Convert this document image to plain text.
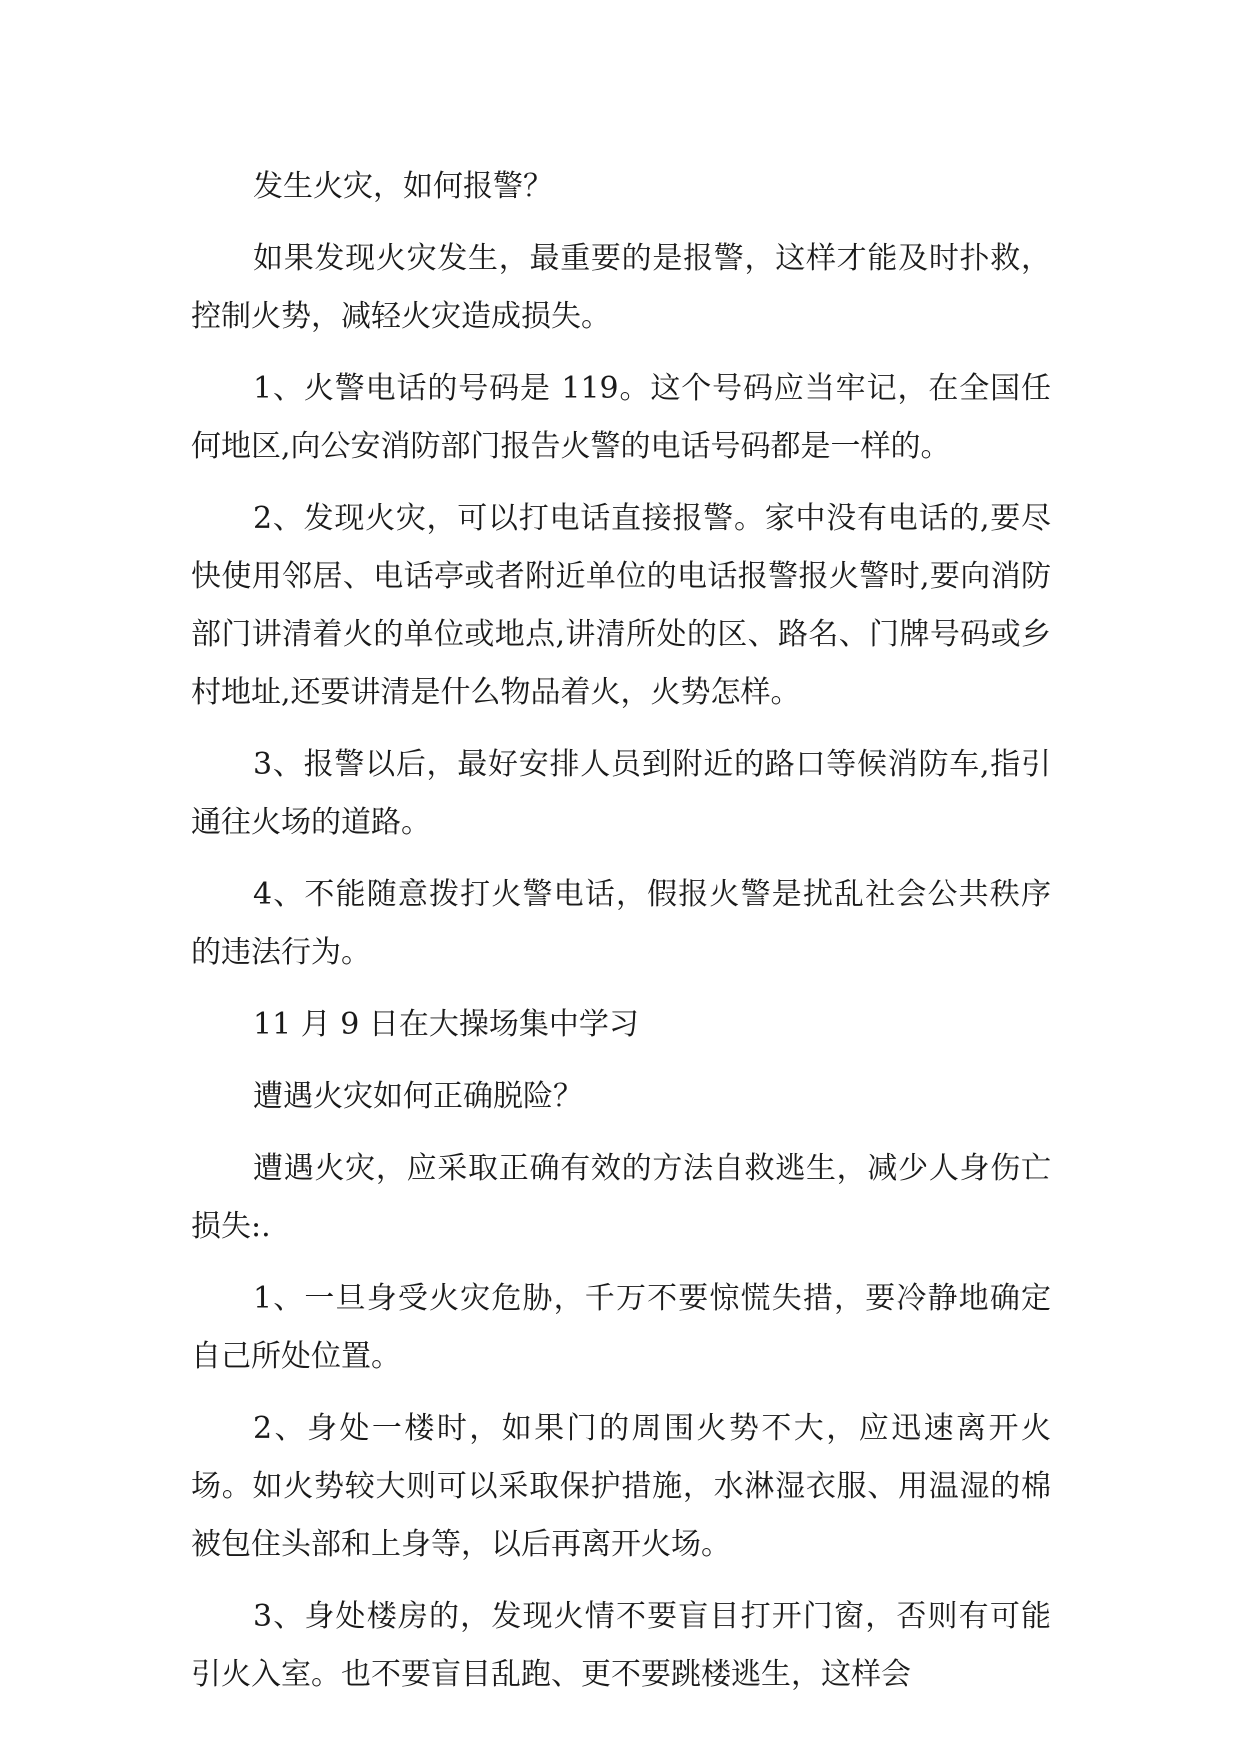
发生火灾，如何报警？

如果发现火灾发生，最重要的是报警，这样才能及时扑救，控制火势，减轻火灾造成损失。

1、火警电话的号码是 119。这个号码应当牢记，在全国任何地区,向公安消防部门报告火警的电话号码都是一样的。

2、发现火灾，可以打电话直接报警。家中没有电话的,要尽快使用邻居、电话亭或者附近单位的电话报警报火警时,要向消防部门讲清着火的单位或地点,讲清所处的区、路名、门牌号码或乡村地址,还要讲清是什么物品着火，火势怎样。

3、报警以后，最好安排人员到附近的路口等候消防车,指引通往火场的道路。

4、不能随意拨打火警电话，假报火警是扰乱社会公共秩序的违法行为。

11 月 9 日在大操场集中学习

遭遇火灾如何正确脱险？

遭遇火灾，应采取正确有效的方法自救逃生，减少人身伤亡损失:.

1、一旦身受火灾危胁，千万不要惊慌失措，要冷静地确定自己所处位置。

2、身处一楼时，如果门的周围火势不大，应迅速离开火场。如火势较大则可以采取保护措施，水淋湿衣服、用温湿的棉被包住头部和上身等，以后再离开火场。

3、身处楼房的，发现火情不要盲目打开门窗，否则有可能引火入室。也不要盲目乱跑、更不要跳楼逃生，这样会
